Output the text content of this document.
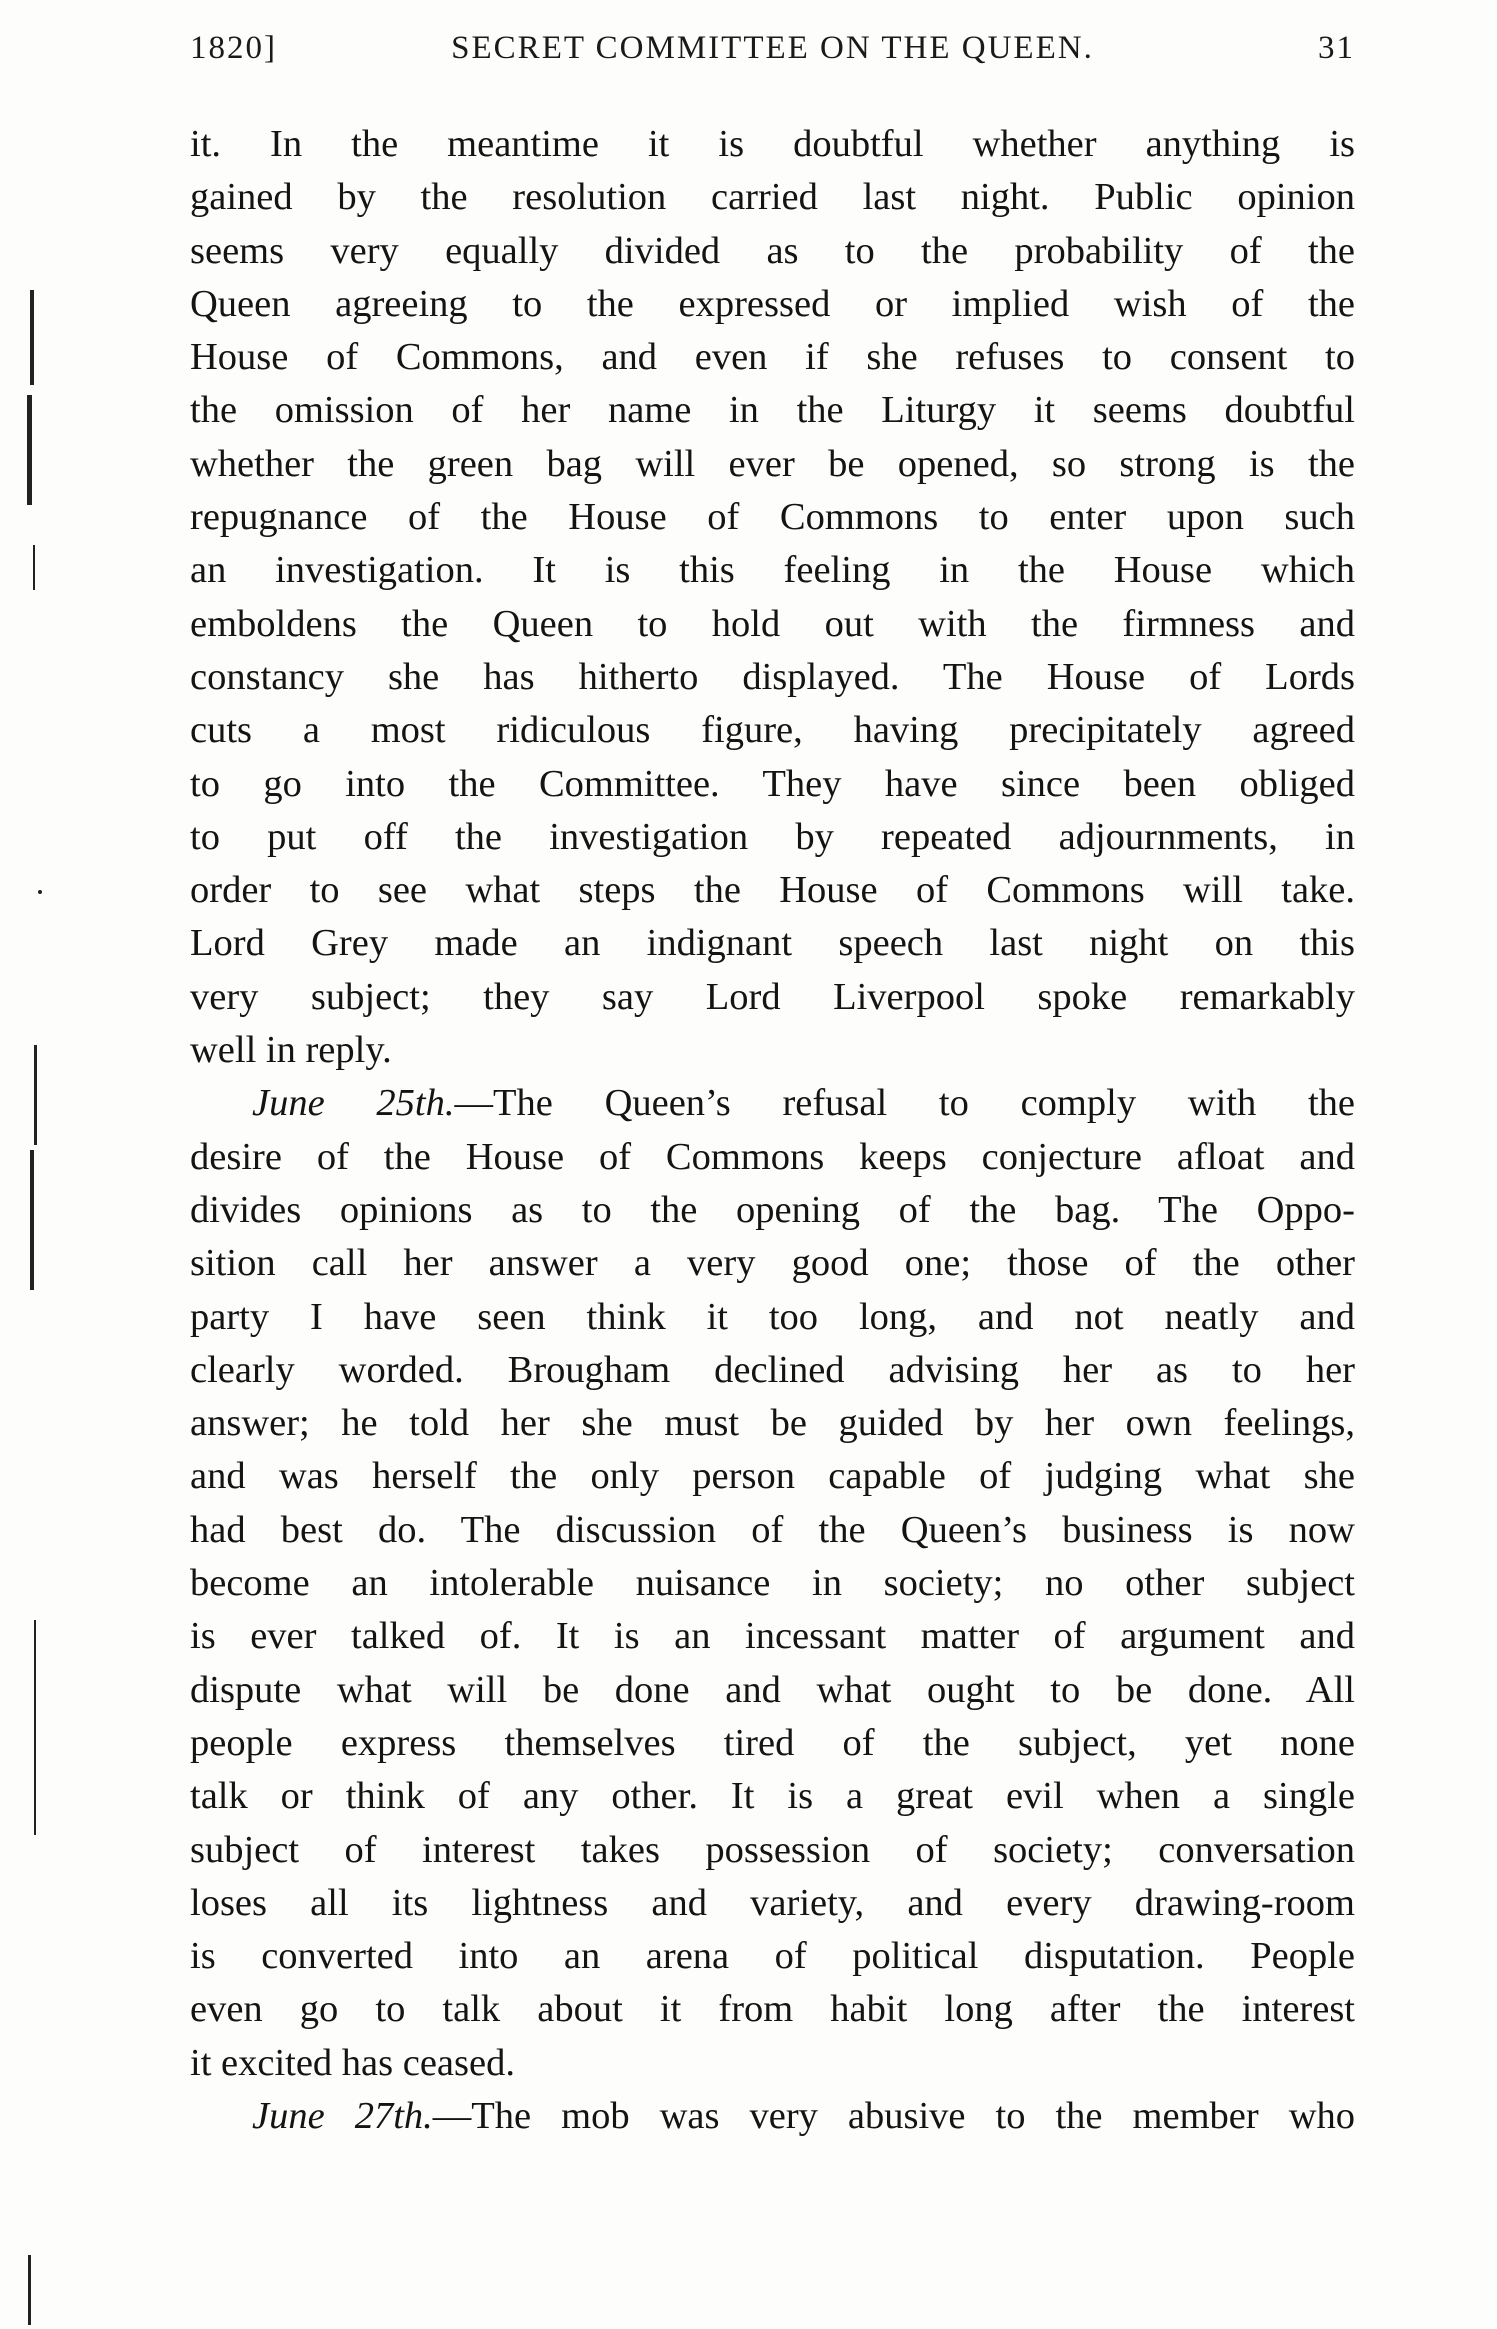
1820]	SECRET COMMITTEE ON THE QUEEN.	31
it. In the meantime it is doubtful whether anything is
gained by the resolution carried last night. Public opinion
seems very equally divided as to the probability of the
Queen agreeing to the expressed or implied wish of the
House of Commons, and even if she refuses to consent to
the omission of her name in the Liturgy it seems doubtful
whether the green bag will ever be opened, so strong is the
repugnance of the House of Commons to enter upon such
an investigation. It is this feeling in the House which
emboldens the Queen to hold out with the firmness and
constancy she has hitherto displayed. The House of Lords
cuts a most ridiculous figure, having precipitately agreed
to go into the Committee. They have since been obliged
to put off the investigation by repeated adjournments, in
order to see what steps the House of Commons will take.
Lord Grey made an indignant speech last night on this
very subject; they say Lord Liverpool spoke remarkably
well in reply.
June 25th.—The Queen’s refusal to comply with the
desire of the House of Commons keeps conjecture afloat and
divides opinions as to the opening of the bag. The Oppo-
sition call her answer a very good one; those of the other
party I have seen think it too long, and not neatly and
clearly worded. Brougham declined advising her as to her
answer; he told her she must be guided by her own feelings,
and was herself the only person capable of judging what she
had best do. The discussion of the Queen’s business is now
become an intolerable nuisance in society; no other subject
is ever talked of. It is an incessant matter of argument and
dispute what will be done and what ought to be done. All
people express themselves tired of the subject, yet none
talk or think of any other. It is a great evil when a single
subject of interest takes possession of society; conversation
loses all its lightness and variety, and every drawing-room
is converted into an arena of political disputation. People
even go to talk about it from habit long after the interest
it excited has ceased.
June 27th.—The mob was very abusive to the member who
